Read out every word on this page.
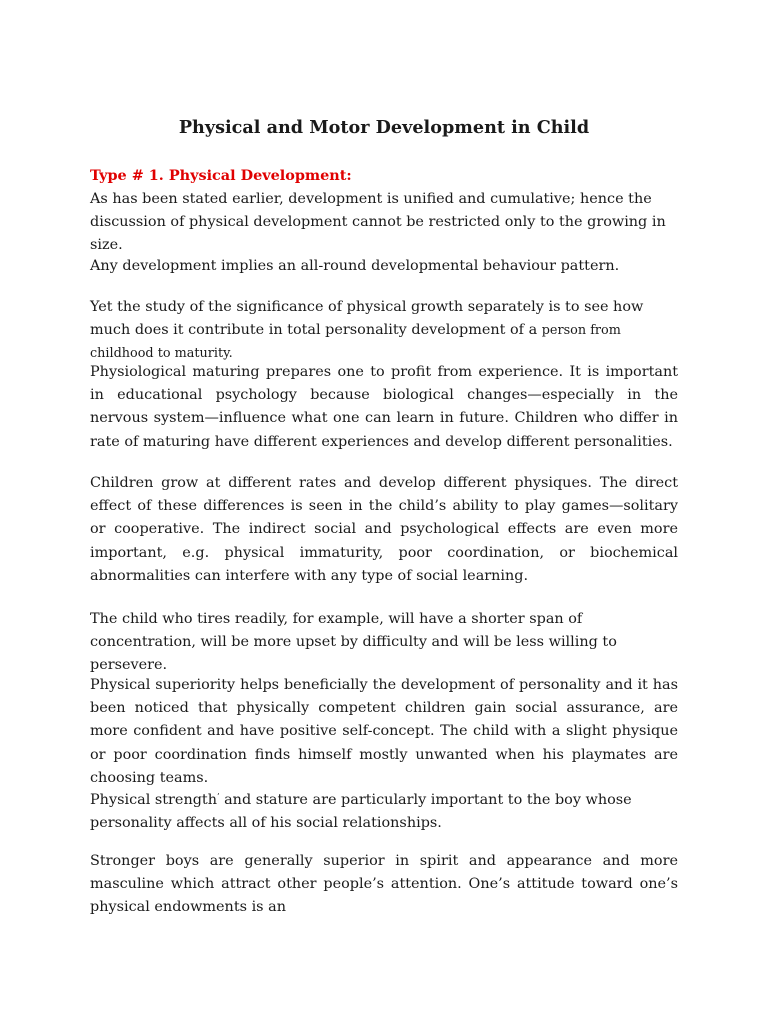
Physical and Motor Development in Child
Type # 1. Physical Development:

As has been stated earlier, development is unified and cumulative; hence the discussion of physical development cannot be restricted only to the growing in size.

Any development implies an all-round developmental behaviour pattern.

Yet the study of the significance of physical growth separately is to see how much does it contribute in total personality development of a person from childhood to maturity.

Physiological maturing prepares one to profit from experience. It is important in educational psychology because biological changes—especially in the nervous system—influence what one can learn in future. Children who differ in rate of maturing have different experiences and develop different personalities.

Children grow at different rates and develop different physiques. The direct effect of these differences is seen in the child’s ability to play games—solitary or cooperative. The indirect social and psychological effects are even more important, e.g. physical immaturity, poor coordination, or biochemical abnormalities can interfere with any type of social learning.

The child who tires readily, for example, will have a shorter span of concentration, will be more upset by difficulty and will be less willing to persevere.

Physical superiority helps beneficially the development of personality and it has been noticed that physically competent children gain social assurance, are more confident and have positive self-concept. The child with a slight physique or poor coordination finds himself mostly unwanted when his playmates are choosing teams.

Physical strength’ and stature are particularly important to the boy whose personality affects all of his social relationships.

Stronger boys are generally superior in spirit and appearance and more masculine which attract other people’s attention. One’s attitude toward one’s physical endowments is an
